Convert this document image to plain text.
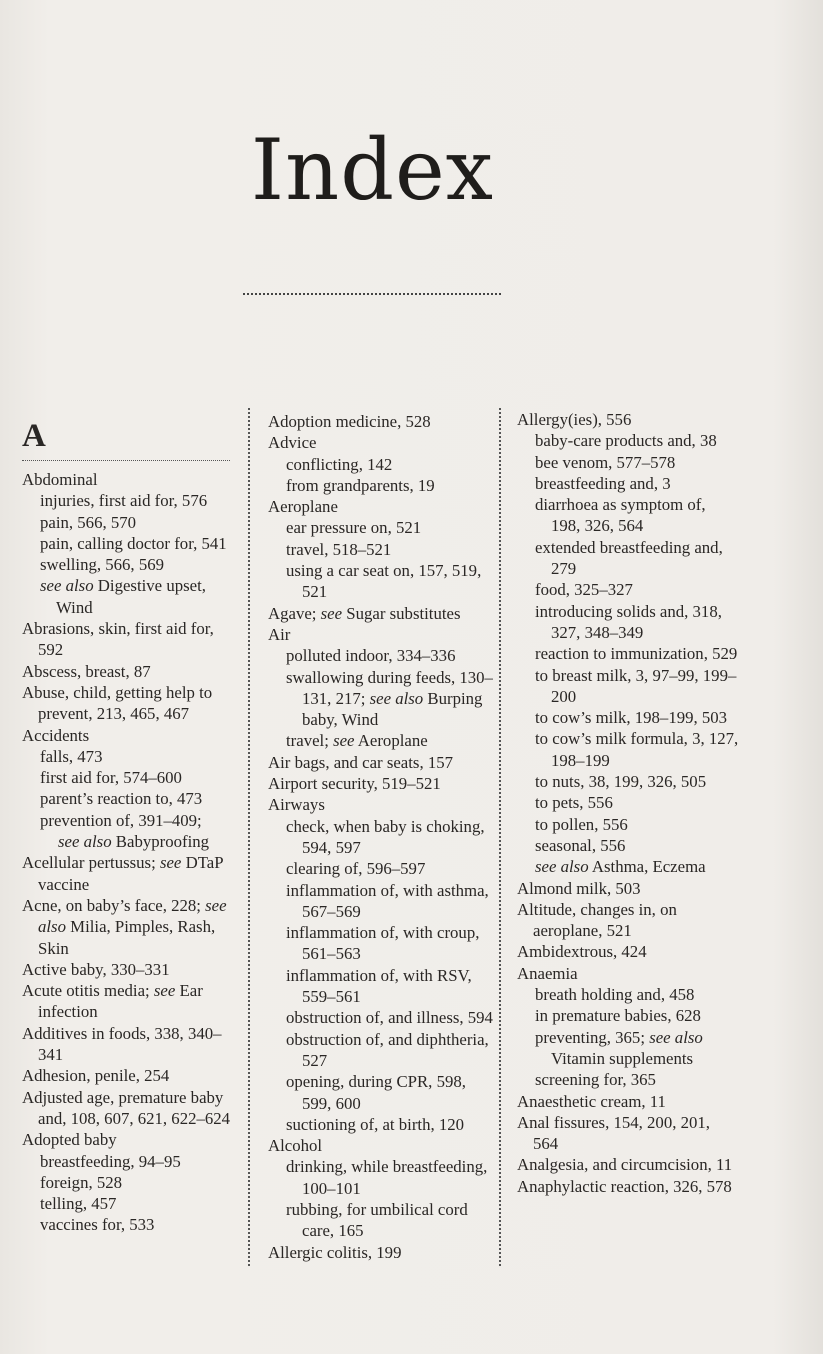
Index
A
Abdominal
injuries, first aid for, 576
pain, 566, 570
pain, calling doctor for, 541
swelling, 566, 569
see also Digestive upset, Wind
Abrasions, skin, first aid for, 592
Abscess, breast, 87
Abuse, child, getting help to prevent, 213, 465, 467
Accidents
falls, 473
first aid for, 574–600
parent’s reaction to, 473
prevention of, 391–409;
see also Babyproofing
Acellular pertussus; see DTaP vaccine
Acne, on baby’s face, 228; see also Milia, Pimples, Rash, Skin
Active baby, 330–331
Acute otitis media; see Ear infection
Additives in foods, 338, 340–341
Adhesion, penile, 254
Adjusted age, premature baby and, 108, 607, 621, 622–624
Adopted baby
breastfeeding, 94–95
foreign, 528
telling, 457
vaccines for, 533
Adoption medicine, 528
Advice
conflicting, 142
from grandparents, 19
Aeroplane
ear pressure on, 521
travel, 518–521
using a car seat on, 157, 519, 521
Agave; see Sugar substitutes
Air
polluted indoor, 334–336
swallowing during feeds, 130–131, 217; see also Burping baby, Wind
travel; see Aeroplane
Air bags, and car seats, 157
Airport security, 519–521
Airways
check, when baby is choking, 594, 597
clearing of, 596–597
inflammation of, with asthma, 567–569
inflammation of, with croup, 561–563
inflammation of, with RSV, 559–561
obstruction of, and illness, 594
obstruction of, and diphtheria, 527
opening, during CPR, 598, 599, 600
suctioning of, at birth, 120
Alcohol
drinking, while breastfeeding, 100–101
rubbing, for umbilical cord care, 165
Allergic colitis, 199
Allergy(ies), 556
baby-care products and, 38
bee venom, 577–578
breastfeeding and, 3
diarrhoea as symptom of, 198, 326, 564
extended breastfeeding and, 279
food, 325–327
introducing solids and, 318, 327, 348–349
reaction to immunization, 529
to breast milk, 3, 97–99, 199–200
to cow’s milk, 198–199, 503
to cow’s milk formula, 3, 127, 198–199
to nuts, 38, 199, 326, 505
to pets, 556
to pollen, 556
seasonal, 556
see also Asthma, Eczema
Almond milk, 503
Altitude, changes in, on aeroplane, 521
Ambidextrous, 424
Anaemia
breath holding and, 458
in premature babies, 628
preventing, 365; see also Vitamin supplements
screening for, 365
Anaesthetic cream, 11
Anal fissures, 154, 200, 201, 564
Analgesia, and circumcision, 11
Anaphylactic reaction, 326, 578
